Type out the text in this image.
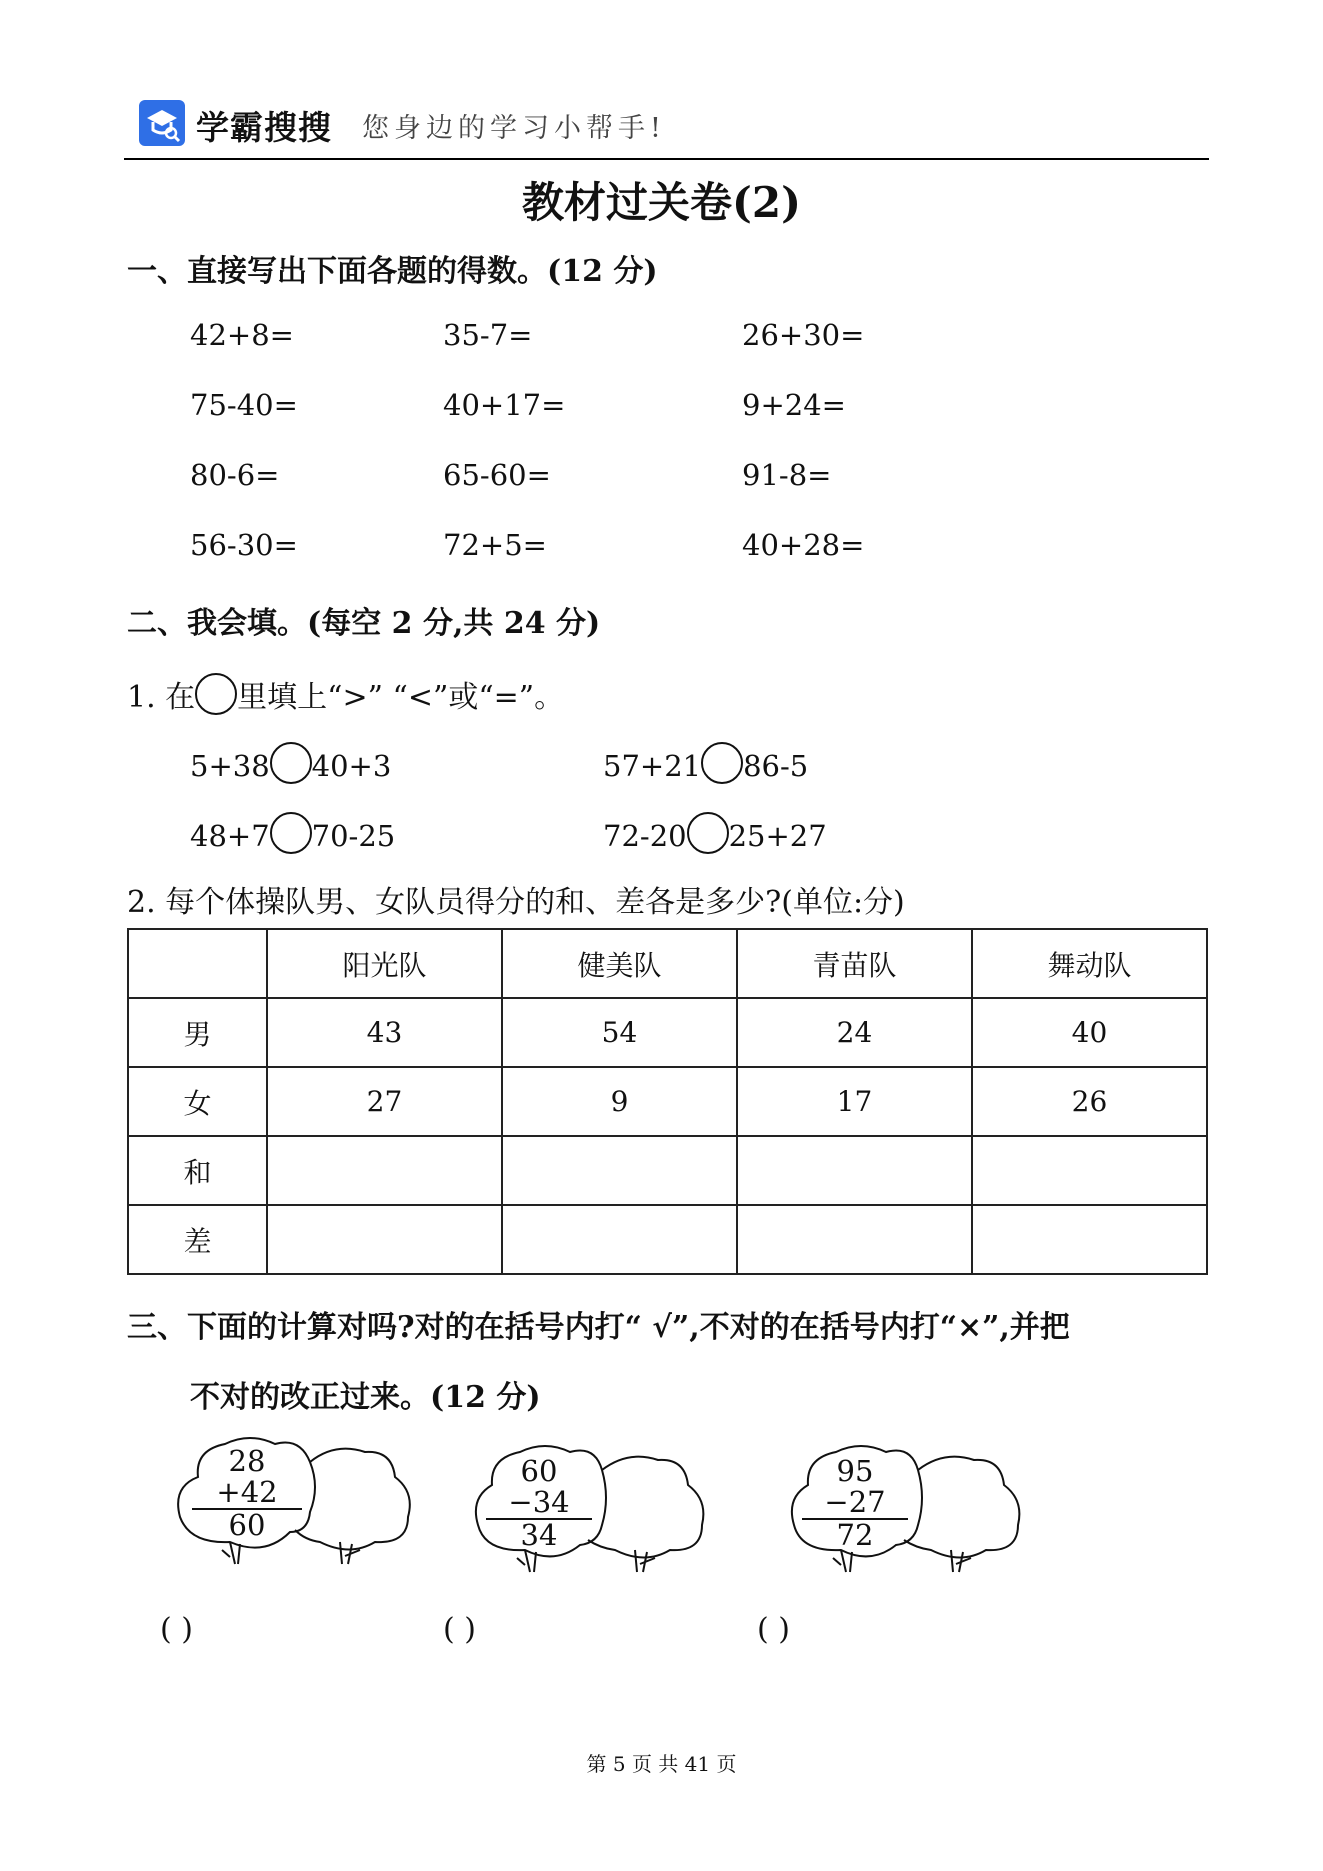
学霸搜搜 您身边的学习小帮手!
教材过关卷(2)
一、直接写出下面各题的得数。(12 分)
42+8=	35-7=	26+30=
75-40=	40+17=	9+24=
80-6=	65-60=	91-8=
56-30=	72+5=	40+28=
二、我会填。(每空 2 分,共 24 分)
1. 在 里填上“>” “<”或“=”。
5+38 40+3	57+21 86-5
48+7 70-25	72-20 25+27
2. 每个体操队男、女队员得分的和、差各是多少?(单位:分)
	阳光队	健美队	青苗队	舞动队
男	43	54	24	40
女	27	9	17	26
和				
差				
三、下面的计算对吗?对的在括号内打“ √”,不对的在括号内打“×”,并把
不对的改正过来。(12 分)
28
+42
60
60
−34
34
95
−27
72
( )	( )	( )
第 5 页 共 41 页
